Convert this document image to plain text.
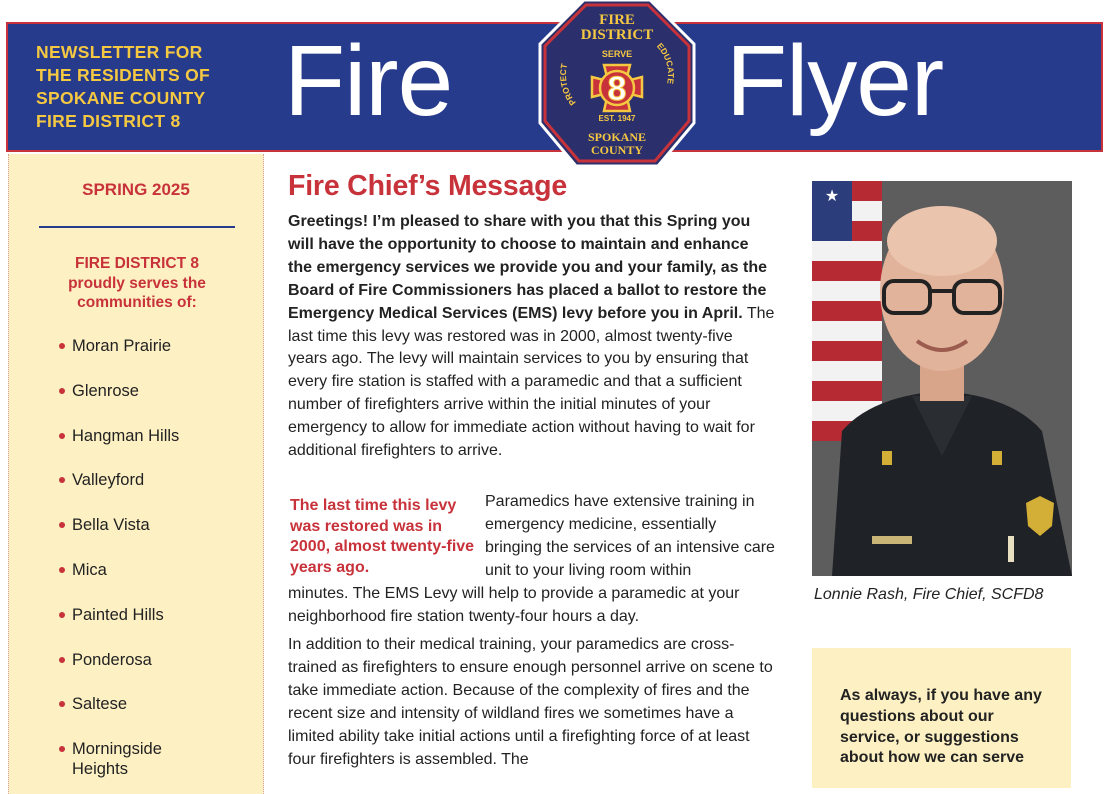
NEWSLETTER FOR
THE RESIDENTS OF
SPOKANE COUNTY
FIRE DISTRICT 8	Fire	Flyer
FIRE
DISTRICT
8
SERVE
PROTECT
EDUCATE
EST. 1947
SPOKANE
COUNTY
SPRING 2025
FIRE DISTRICT 8
proudly serves the
communities of:
Moran Prairie
Glenrose
Hangman Hills
Valleyford
Bella Vista
Mica
Painted Hills
Ponderosa
Saltese
Morningside Heights
Fire Chief’s Message

Greetings! I’m pleased to share with you that this Spring you will have the opportunity to choose to maintain and enhance the emergency services we provide you and your family, as the Board of Fire Commissioners has placed a ballot to restore the Emergency Medical Services (EMS) levy before you in April. The last time this levy was restored was in 2000, almost twenty-five years ago. The levy will maintain services to you by ensuring that every fire station is staffed with a paramedic and that a sufficient number of firefighters arrive within the initial minutes of your emergency to allow for immediate action without having to wait for additional firefighters to arrive.

The last time this levy was restored was in 2000, almost twenty-five years ago.

Paramedics have extensive training in emergency medicine, essentially bringing the services of an intensive care unit to your living room within

minutes. The EMS Levy will help to provide a paramedic at your neighborhood fire station twenty-four hours a day.

In addition to their medical training, your paramedics are cross-trained as firefighters to ensure enough personnel arrive on scene to take immediate action. Because of the complexity of fires and the recent size and intensity of wildland fires we sometimes have a limited ability take initial actions until a firefighting force of at least four firefighters is assembled. The

★
Lonnie Rash, Fire Chief, SCFD8

As always, if you have any questions about our service, or suggestions about how we can serve
